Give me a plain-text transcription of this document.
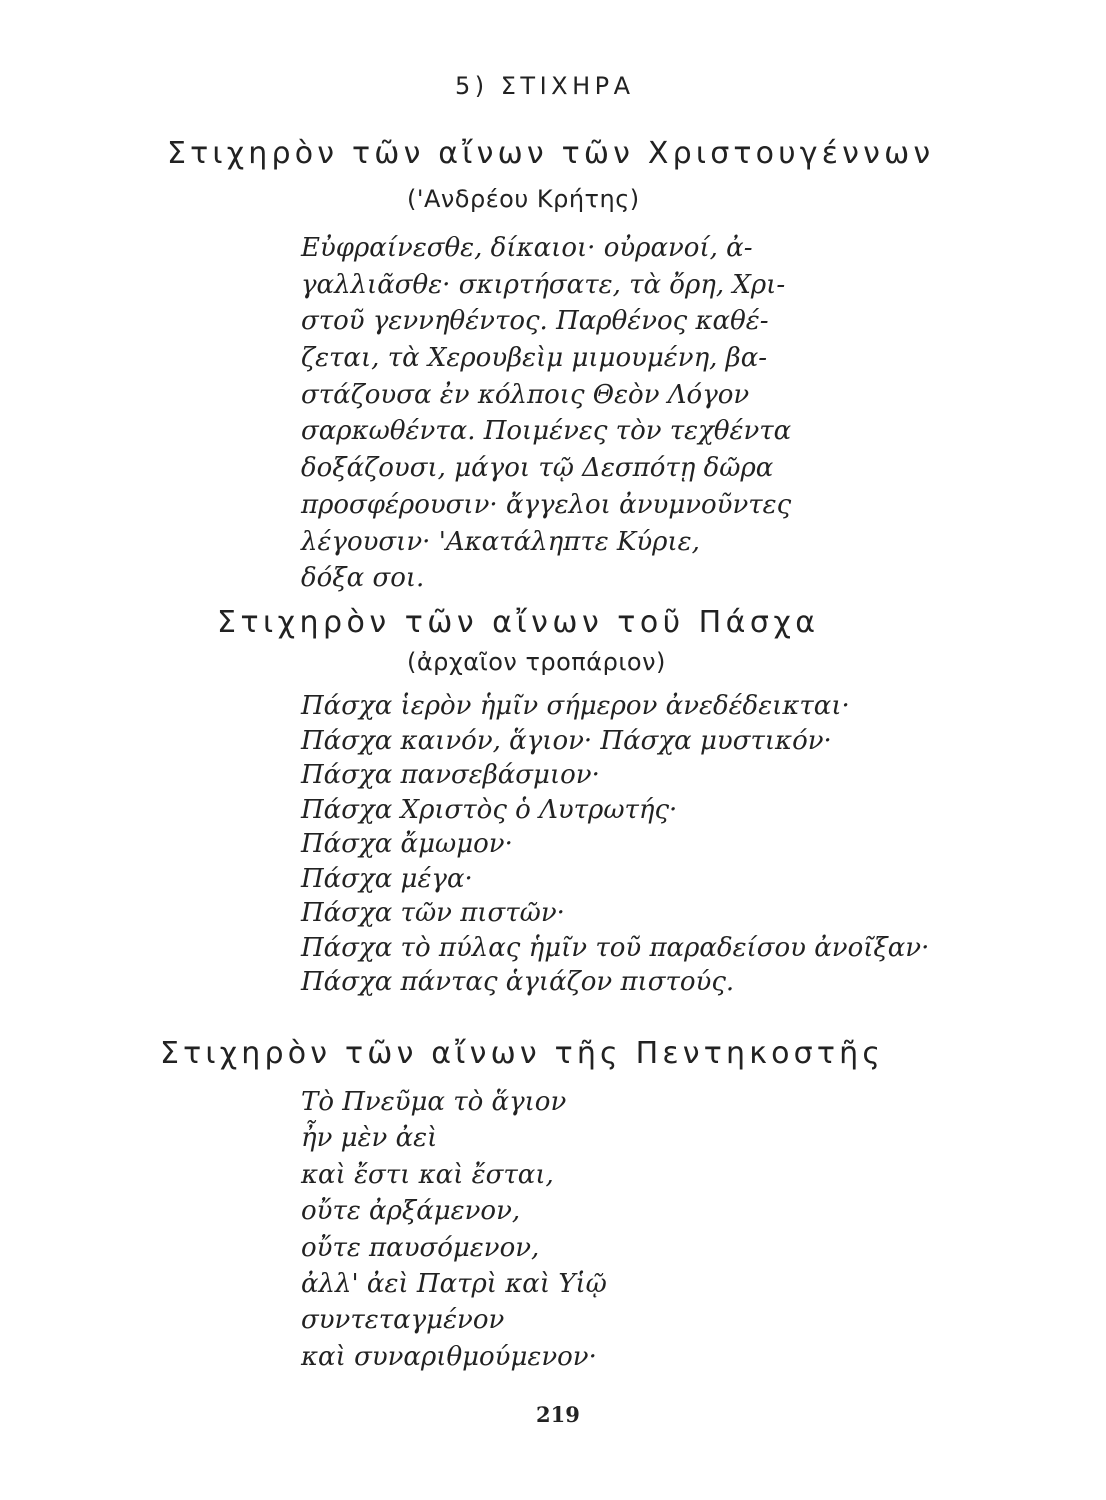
5) ΣΤΙΧΗΡΑ
Στιχηρὸν τῶν αἴνων τῶν Χριστουγέννων
('Ανδρέου Κρήτης)
Εὐφραίνεσθε, δίκαιοι· οὐρανοί, ἀ-
γαλλιᾶσθε· σκιρτήσατε, τὰ ὄρη, Χρι-
στοῦ γεννηθέντος. Παρθένος καθέ-
ζεται, τὰ Χερουβεὶμ μιμουμένη, βα-
στάζουσα ἐν κόλποις Θεὸν Λόγον
σαρκωθέντα. Ποιμένες τὸν τεχθέντα
δοξάζουσι, μάγοι τῷ Δεσπότῃ δῶρα
προσφέρουσιν· ἄγγελοι ἀνυμνοῦντες
λέγουσιν· 'Ακατάληπτε Κύριε,
δόξα σοι.
Στιχηρὸν τῶν αἴνων τοῦ Πάσχα
(ἀρχαῖον τροπάριον)
Πάσχα ἱερὸν ἡμῖν σήμερον ἀνεδέδεικται·
Πάσχα καινόν, ἅγιον· Πάσχα μυστικόν·
Πάσχα πανσεβάσμιον·
Πάσχα Χριστὸς ὁ Λυτρωτής·
Πάσχα ἄμωμον·
Πάσχα μέγα·
Πάσχα τῶν πιστῶν·
Πάσχα τὸ πύλας ἡμῖν τοῦ παραδείσου ἀνοῖξαν·
Πάσχα πάντας ἁγιάζον πιστούς.
Στιχηρὸν τῶν αἴνων τῆς Πεντηκοστῆς
Τὸ Πνεῦμα τὸ ἅγιον
ἦν μὲν ἀεὶ
καὶ ἔστι καὶ ἔσται,
οὔτε ἀρξάμενον,
οὔτε παυσόμενον,
ἀλλ' ἀεὶ Πατρὶ καὶ Υἱῷ
συντεταγμένον
καὶ συναριθμούμενον·
219
